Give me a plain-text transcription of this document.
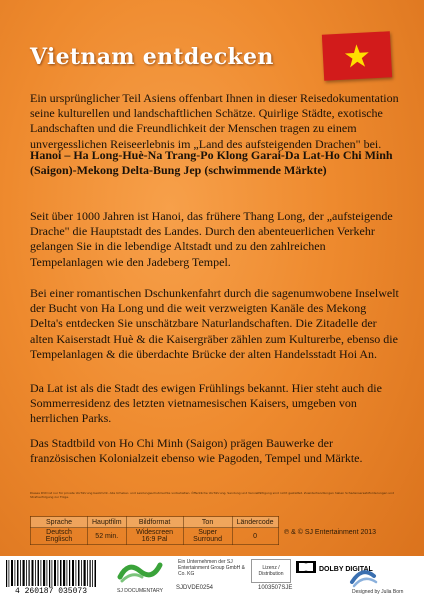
Vietnam entdecken

Ein ursprünglicher Teil Asiens offenbart Ihnen in dieser Reisedokumentation seine kulturellen und landschaftlichen Schätze. Quirlige Städte, exotische Landschaften und die Freundlichkeit der Menschen tragen zu einem unvergesslichen Reiseerlebnis im „Land des aufsteigenden Drachen" bei.

Hanoi – Ha Long-Huè-Na Trang-Po Klong Garai-Da Lat-Ho Chi Minh (Saigon)-Mekong Delta-Bung Jep (schwimmende Märkte)

Seit über 1000 Jahren ist Hanoi, das frühere Thang Long, der „aufsteigende Drache" die Hauptstadt des Landes. Durch den abenteuerlichen Verkehr gelangen Sie in die lebendige Altstadt und zu den zahlreichen Tempelanlagen wie den Jadeberg Tempel.

Bei einer romantischen Dschunkenfahrt durch die sagenumwobene Inselwelt der Bucht von Ha Long und die weit verzweigten Kanäle des Mekong Delta's entdecken Sie unschätzbare Naturlandschaften. Die Zitadelle der alten Kaiserstadt Huè & die Kaisergräber zählen zum Kulturerbe, ebenso die Tempelanlagen & die überdachte Brücke der alten Handelsstadt Hoi An.

Da Lat ist als die Stadt des ewigen Frühlings bekannt. Hier steht auch die Sommerresidenz des letzten vietnamesischen Kaisers, umgeben von herrlichen Parks.

Das Stadtbild von Ho Chi Minh (Saigon) prägen Bauwerke der französischen Kolonialzeit ebenso wie Pagoden, Tempel und Märkte.

Dieses DVD ist nur für private Vorführung bestimmt. Alle Urheber- und Leistungsschutzrechte vorbehalten. Öffentliche Vorführung, Sendung und Vervielfältigung sind nicht gestattet. Zuwiderhandlungen haben Schadensersatzforderungen und Strafverfolgung zur Folge.
Sprache	Hauptfilm	Bildformat	Ton	Ländercode
Deutsch Englisch	52 min.	Widescreen 16:9 Pal	Super Surround	0	℗ & © SJ Entertainment 2013
4 260187 035073	SJ DOCUMENTARY
Ein Unternehmen der SJ Entertainment Group GmbH & Co. KG
Lizenz / Distribution
SJDVDE0254	1003507SJE
DOLBY DIGITAL
Designed by Julia Born
